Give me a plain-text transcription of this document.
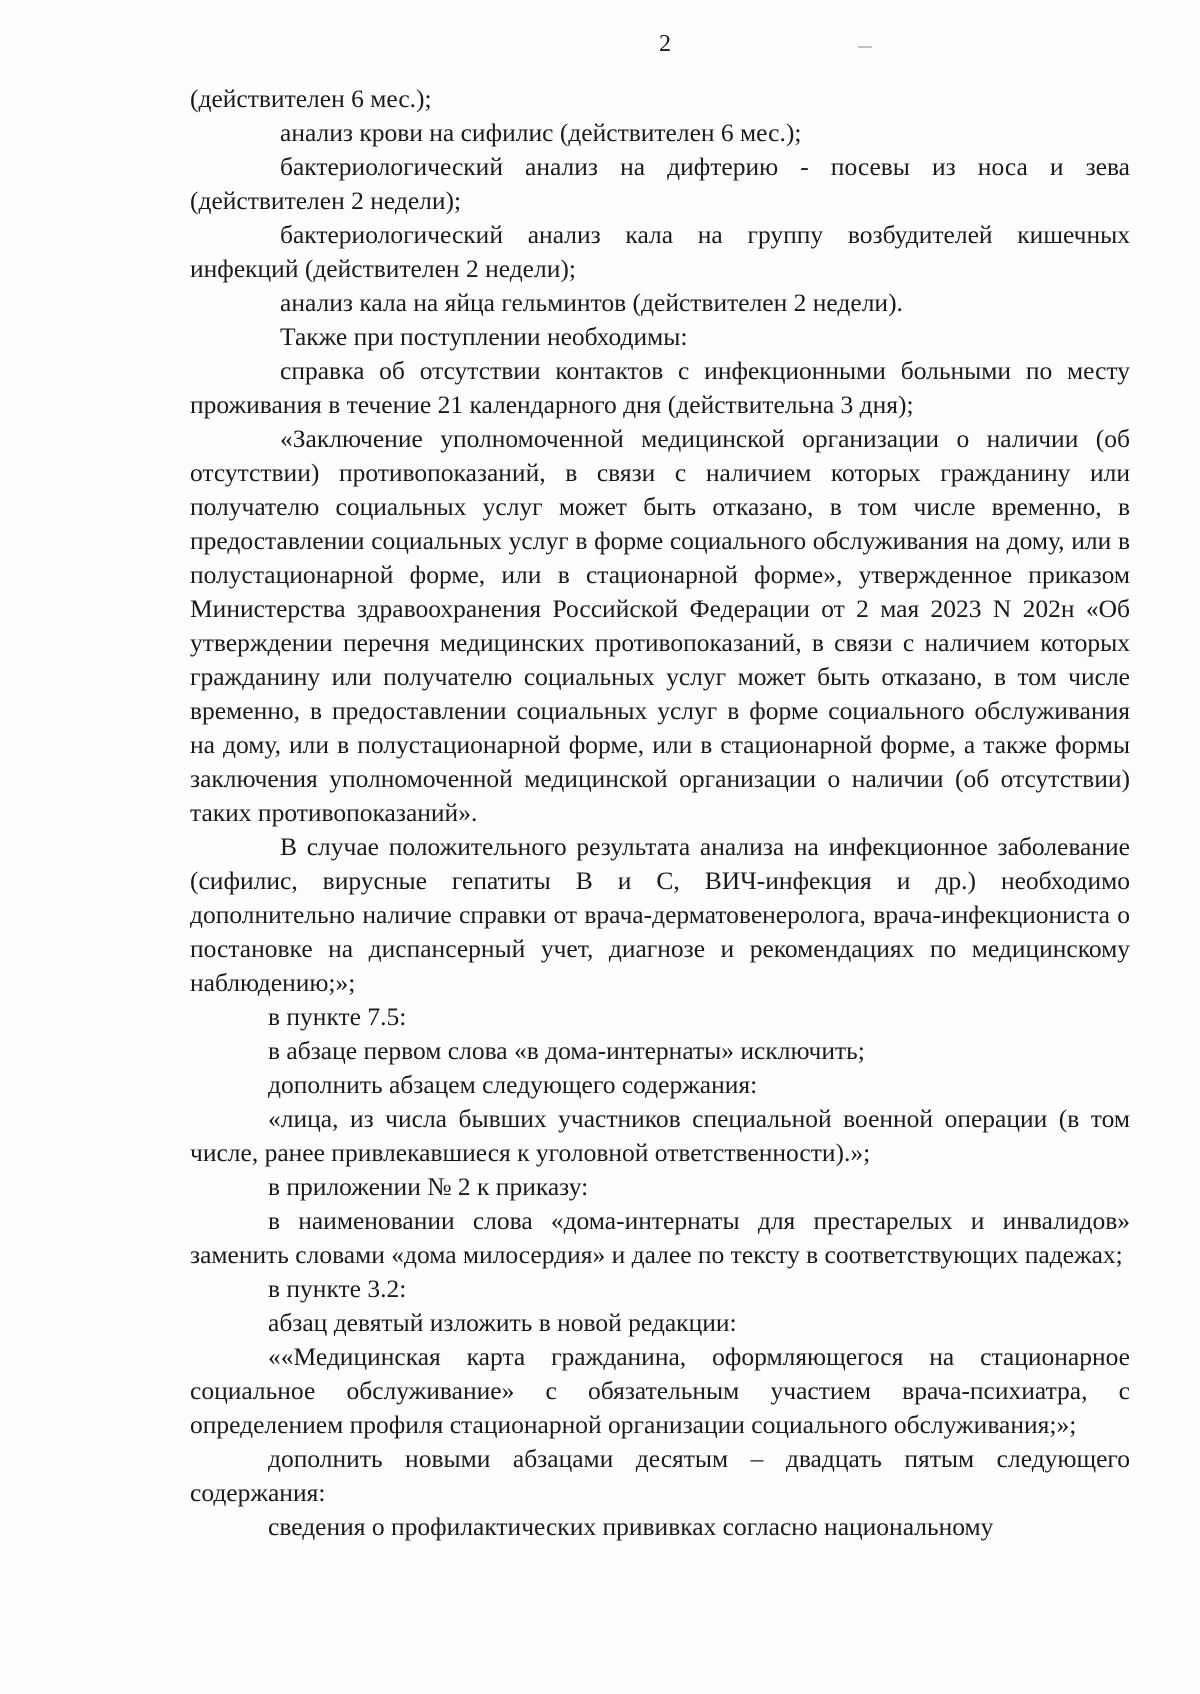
2

(действителен 6 мес.);

анализ крови на сифилис (действителен 6 мес.);

бактериологический анализ на дифтерию - посевы из носа и зева (действителен 2 недели);

бактериологический анализ кала на группу возбудителей кишечных инфекций (действителен 2 недели);

анализ кала на яйца гельминтов (действителен 2 недели).

Также при поступлении необходимы:

справка об отсутствии контактов с инфекционными больными по месту проживания в течение 21 календарного дня (действительна 3 дня);

«Заключение уполномоченной медицинской организации о наличии (об отсутствии) противопоказаний, в связи с наличием которых гражданину или получателю социальных услуг может быть отказано, в том числе временно, в предоставлении социальных услуг в форме социального обслуживания на дому, или в полустационарной форме, или в стационарной форме», утвержденное приказом Министерства здравоохранения Российской Федерации от 2 мая 2023 N 202н «Об утверждении перечня медицинских противопоказаний, в связи с наличием которых гражданину или получателю социальных услуг может быть отказано, в том числе временно, в предоставлении социальных услуг в форме социального обслуживания на дому, или в полустационарной форме, или в стационарной форме, а также формы заключения уполномоченной медицинской организации о наличии (об отсутствии) таких противопоказаний».

В случае положительного результата анализа на инфекционное заболевание (сифилис, вирусные гепатиты В и С, ВИЧ-инфекция и др.) необходимо дополнительно наличие справки от врача-дерматовенеролога, врача-инфекциониста о постановке на диспансерный учет, диагнозе и рекомендациях по медицинскому наблюдению;»;

в пункте 7.5:

в абзаце первом слова «в дома-интернаты» исключить;

дополнить абзацем следующего содержания:

«лица, из числа бывших участников специальной военной операции (в том числе, ранее привлекавшиеся к уголовной ответственности).»;

в приложении № 2 к приказу:

в наименовании слова «дома-интернаты для престарелых и инвалидов» заменить словами «дома милосердия» и далее по тексту в соответствующих падежах;

в пункте 3.2:

абзац девятый изложить в новой редакции:

««Медицинская карта гражданина, оформляющегося на стационарное социальное обслуживание» с обязательным участием врача-психиатра, с определением профиля стационарной организации социального обслуживания;»;

дополнить новыми абзацами десятым – двадцать пятым следующего содержания:

сведения о профилактических прививках согласно национальному
